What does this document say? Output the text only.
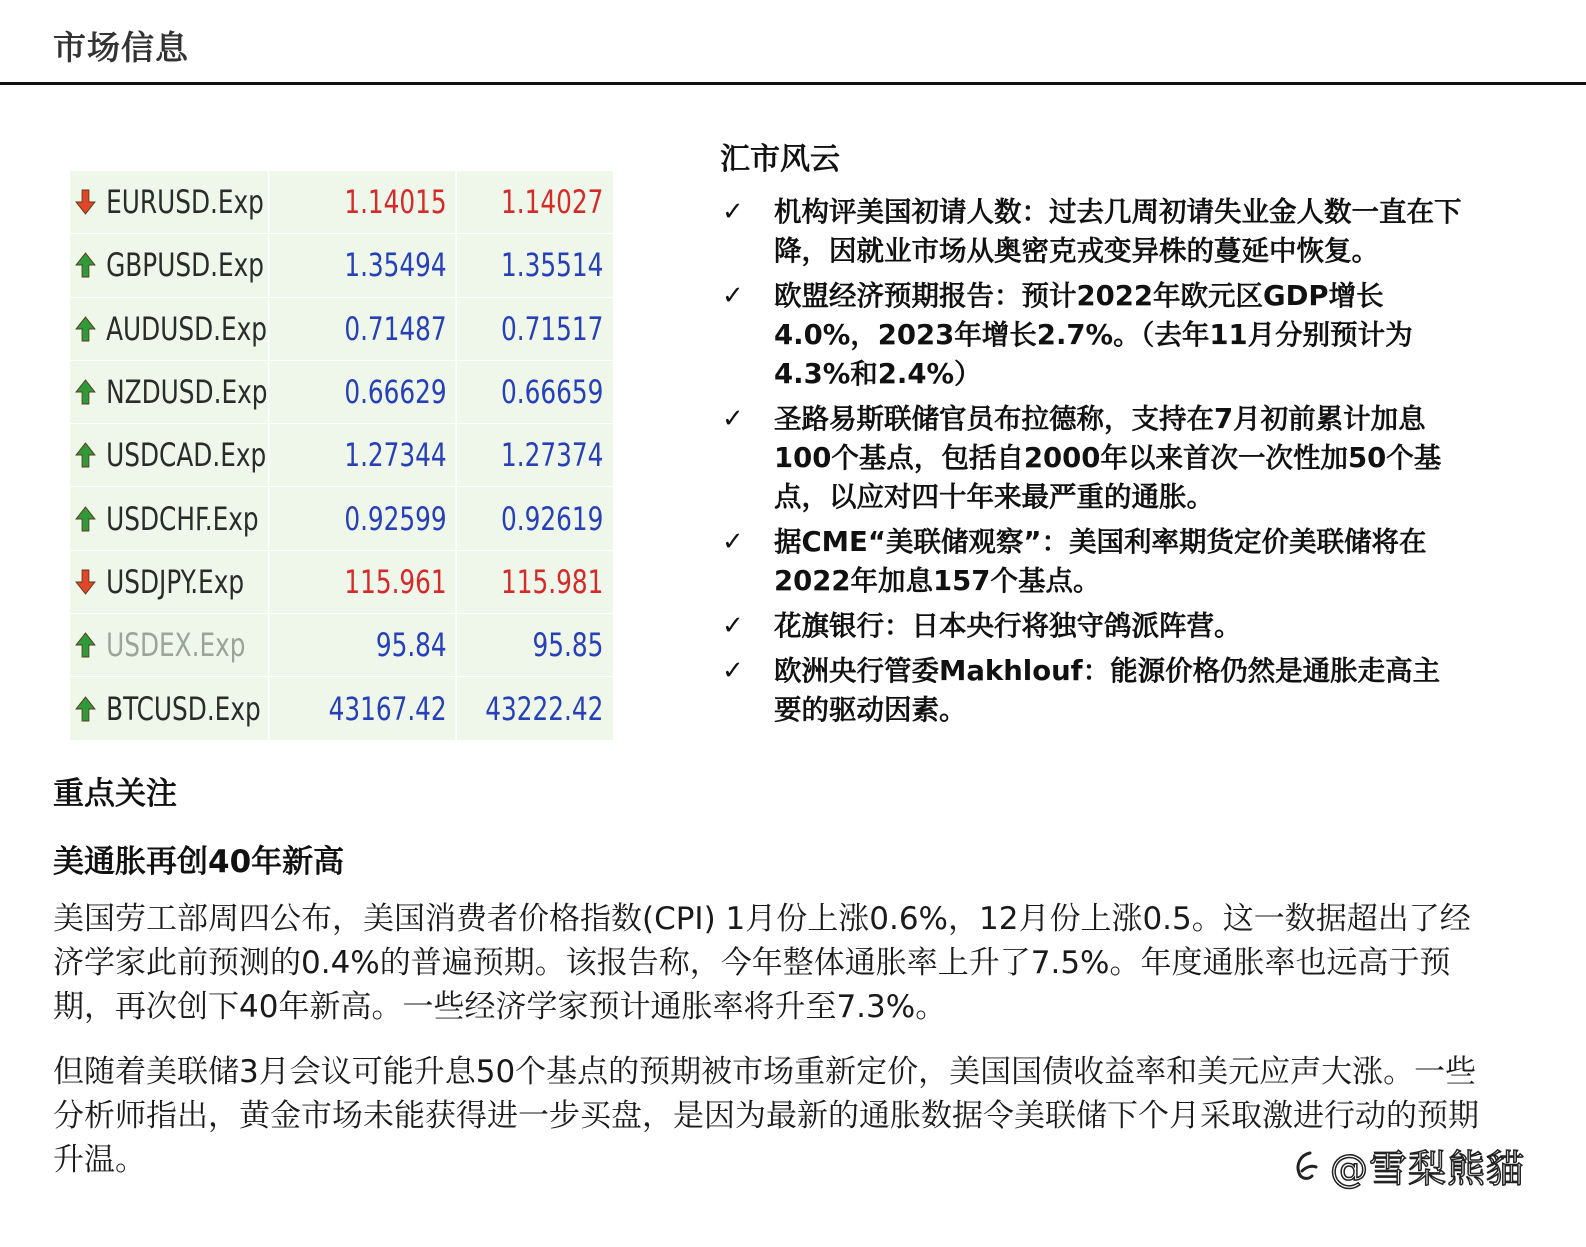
市场信息
EURUSD.Exp	1.14015	1.14027
GBPUSD.Exp	1.35494	1.35514
AUDUSD.Exp	0.71487	0.71517
NZDUSD.Exp	0.66629	0.66659
USDCAD.Exp	1.27344	1.27374
USDCHF.Exp	0.92599	0.92619
USDJPY.Exp	115.961	115.981
USDEX.Exp	95.84	95.85
BTCUSD.Exp 43167.42	43222.42
汇市风云
✓ 机构评美国初请人数：过去几周初请失业金人数一直在下降，因就业市场从奥密克戎变异株的蔓延中恢复。
✓ 欧盟经济预期报告：预计2022年欧元区GDP增长4.0%，2023年增长2.7%。（去年11月分别预计为4.3%和2.4%）
✓ 圣路易斯联储官员布拉德称，支持在7月初前累计加息100个基点，包括自2000年以来首次一次性加50个基点，以应对四十年来最严重的通胀。
✓ 据CME“美联储观察”：美国利率期货定价美联储将在2022年加息157个基点。
✓ 花旗银行：日本央行将独守鸽派阵营。
✓ 欧洲央行管委Makhlouf：能源价格仍然是通胀走高主要的驱动因素。
重点关注
美通胀再创40年新高

美国劳工部周四公布，美国消费者价格指数(CPI) 1月份上涨0.6%，12月份上涨0.5。这一数据超出了经济学家此前预测的0.4%的普遍预期。该报告称，今年整体通胀率上升了7.5%。年度通胀率也远高于预期，再次创下40年新高。一些经济学家预计通胀率将升至7.3%。

但随着美联储3月会议可能升息50个基点的预期被市场重新定价，美国国债收益率和美元应声大涨。一些分析师指出，黄金市场未能获得进一步买盘，是因为最新的通胀数据令美联储下个月采取激进行动的预期升温。	@雪梨熊貓
